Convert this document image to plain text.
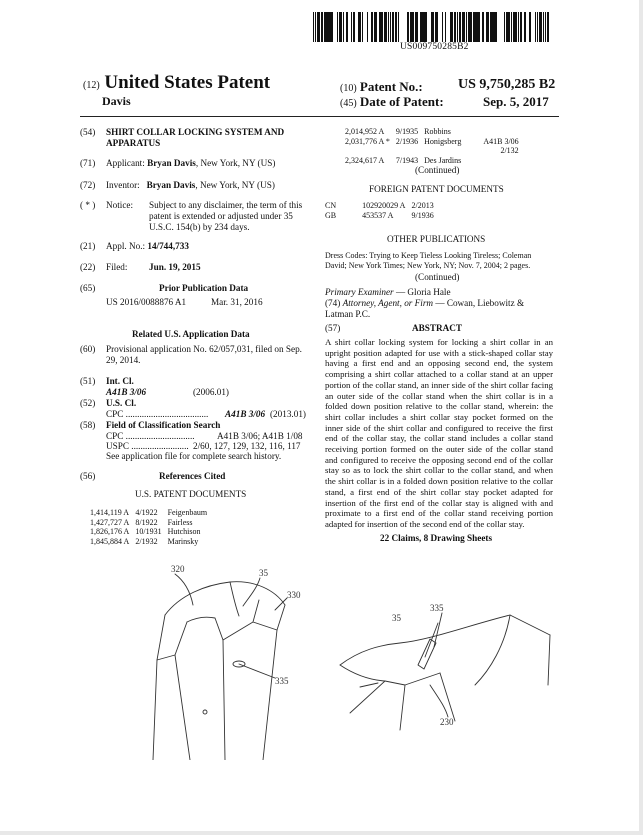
US009750285B2
(12) United States Patent
Davis
(10) Patent No.:	US 9,750,285 B2
(45) Date of Patent:	Sep. 5, 2017
(54) SHIRT COLLAR LOCKING SYSTEM AND
APPARATUS
(71) Applicant: Bryan Davis, New York, NY (US)
(72) Inventor: Bryan Davis, New York, NY (US)
( * ) Notice: Subject to any disclaimer, the term of this
patent is extended or adjusted under 35
U.S.C. 154(b) by 234 days.
(21) Appl. No.: 14/744,733
(22) Filed: Jun. 19, 2015
(65)	Prior Publication Data
US 2016/0088876 A1	Mar. 31, 2016
Related U.S. Application Data
(60) Provisional application No. 62/057,031, filed on Sep.
29, 2014.
(51) Int. Cl.
A41B 3/06	(2006.01)
(52) U.S. Cl.
CPC .................................... A41B 3/06 (2013.01)
(58) Field of Classification Search
CPC .............................. A41B 3/06; A41B 1/08
USPC ......................... 2/60, 127, 129, 132, 116, 117
See application file for complete search history.
(56)	References Cited
U.S. PATENT DOCUMENTS
1,414,119 A	4/1922	Feigenbaum
1,427,727 A	8/1922	Fairless
1,826,176 A	10/1931	Hutchison
1,845,884 A	2/1932	Marinsky
2,014,952 A	9/1935	Robbins	
2,031,776 A *	2/1936	Honigsberg	A41B 3/06
			2/132
2,324,617 A	7/1943	Des Jardins	
(Continued)
FOREIGN PATENT DOCUMENTS
CN	102920029 A	2/2013
GB	453537 A	9/1936
OTHER PUBLICATIONS
Dress Codes: Trying to Keep Tieless Looking Tireless; Coleman
David; New York Times; New York, NY; Nov. 7, 2004; 2 pages.
(Continued)
Primary Examiner — Gloria Hale
(74) Attorney, Agent, or Firm — Cowan, Liebowitz &
Latman P.C.
(57)	ABSTRACT
A shirt collar locking system for locking a shirt collar in an upright position adapted for use with a stick-shaped collar stay having a first end and an opposing second end, the system comprising a shirt collar attached to a collar stand at an upper portion of the collar stand, an inner side of the shirt collar facing an outer side of the collar stand when the shirt collar is in a folded down position relative to the collar stand, wherein: the shirt collar includes a shirt collar stay pocket formed on the inner side of the shirt collar and configured to receive the first end of the collar stay, the collar stand includes a collar stand receiving portion formed on the outer side of the collar stand and configured to receive the opposing second end of the collar stay so as to lock the shirt collar to the collar stand, and when the shirt collar is in a folded down position relative to the collar stand, a first end of the shirt collar stay pocket adapted for insertion of the first end of the collar stay is aligned with and proximate to a first end of the collar stand receiving portion adapted for insertion of the second end of the collar stay.
22 Claims, 8 Drawing Sheets
320	35
330
335
35
335
230
